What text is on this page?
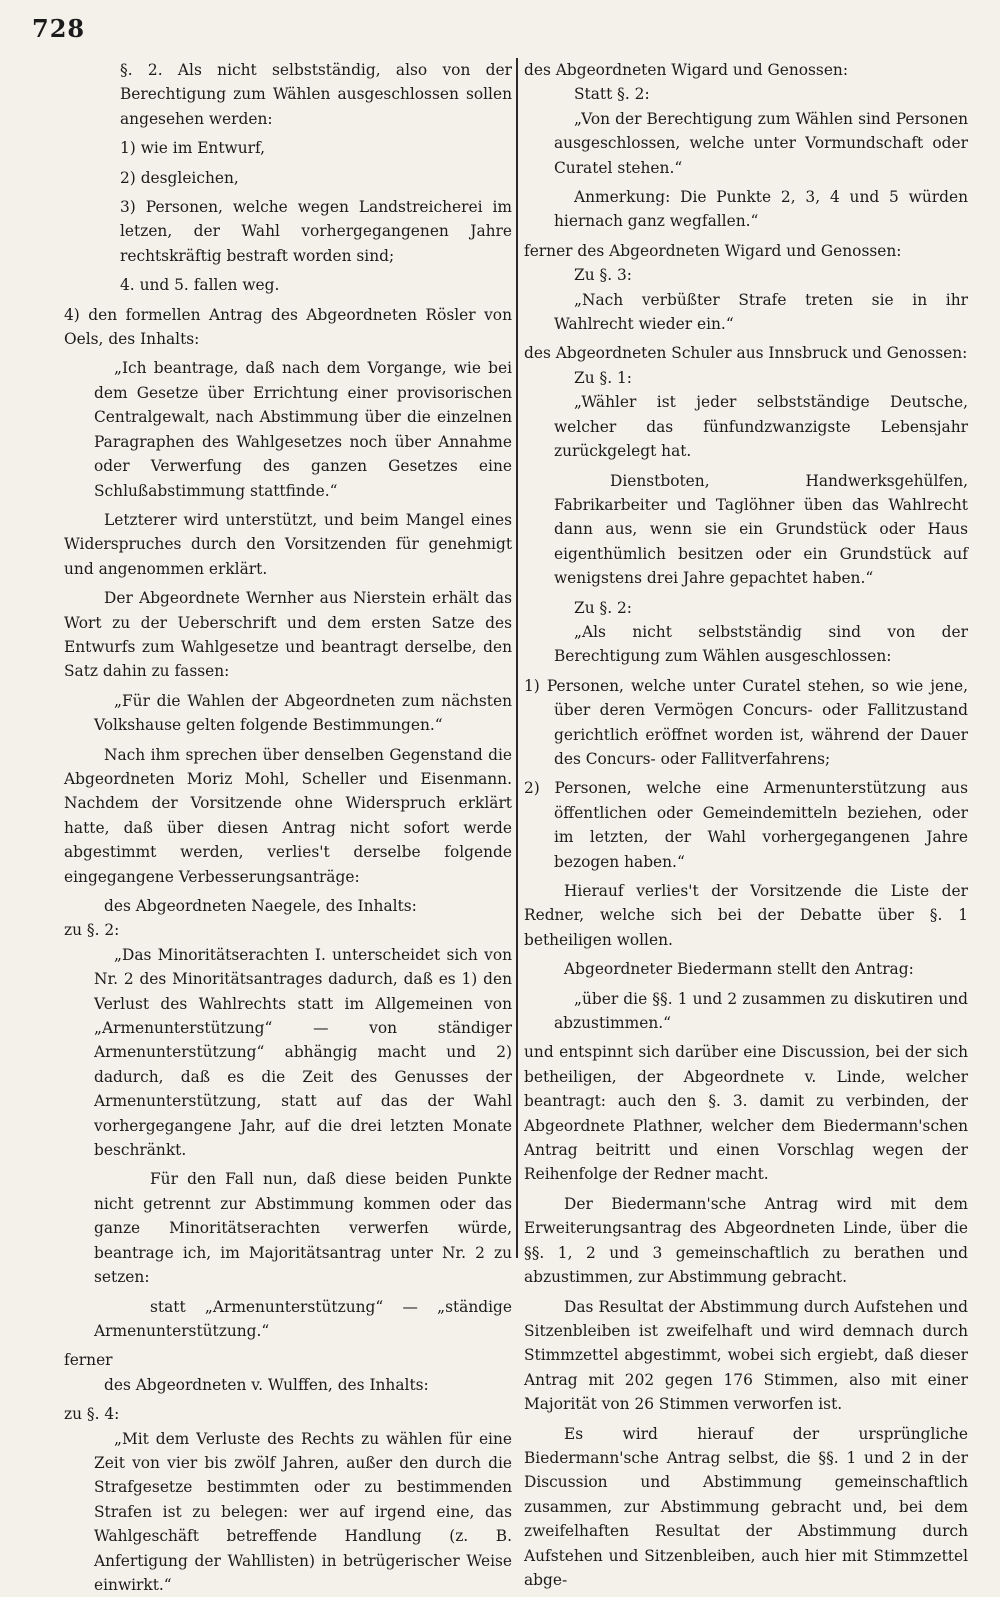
728

§. 2. Als nicht selbstständig, also von der Berechtigung zum Wählen ausgeschlossen sollen angesehen werden:

1) wie im Entwurf,

2) desgleichen,

3) Personen, welche wegen Landstreicherei im letzen, der Wahl vorhergegangenen Jahre rechtskräftig bestraft worden sind;

4. und 5. fallen weg.

4) den formellen Antrag des Abgeordneten Rösler von Oels, des Inhalts:

„Ich beantrage, daß nach dem Vorgange, wie bei dem Gesetze über Errichtung einer provisorischen Centralgewalt, nach Abstimmung über die einzelnen Paragraphen des Wahlgesetzes noch über Annahme oder Verwerfung des ganzen Gesetzes eine Schlußabstimmung stattfinde.“

Letzterer wird unterstützt, und beim Mangel eines Widerspruches durch den Vorsitzenden für genehmigt und angenommen erklärt.

Der Abgeordnete Wernher aus Nierstein erhält das Wort zu der Ueberschrift und dem ersten Satze des Entwurfs zum Wahlgesetze und beantragt derselbe, den Satz dahin zu fassen:

„Für die Wahlen der Abgeordneten zum nächsten Volkshause gelten folgende Bestimmungen.“

Nach ihm sprechen über denselben Gegenstand die Abgeordneten Moriz Mohl, Scheller und Eisenmann. Nachdem der Vorsitzende ohne Widerspruch erklärt hatte, daß über diesen Antrag nicht sofort werde abgestimmt werden, verlies't derselbe folgende eingegangene Verbesserungsanträge:

des Abgeordneten Naegele, des Inhalts:

zu §. 2:

„Das Minoritätserachten I. unterscheidet sich von Nr. 2 des Minoritätsantrages dadurch, daß es 1) den Verlust des Wahlrechts statt im Allgemeinen von „Armenunterstützung“ — von ständiger Armenunterstützung“ abhängig macht und 2) dadurch, daß es die Zeit des Genusses der Armenunterstützung, statt auf das der Wahl vorhergegangene Jahr, auf die drei letzten Monate beschränkt.

Für den Fall nun, daß diese beiden Punkte nicht getrennt zur Abstimmung kommen oder das ganze Minoritätserachten verwerfen würde, beantrage ich, im Majoritätsantrag unter Nr. 2 zu setzen:

statt „Armenunterstützung“ — „ständige Armenunterstützung.“

ferner

des Abgeordneten v. Wulffen, des Inhalts:

zu §. 4:

„Mit dem Verluste des Rechts zu wählen für eine Zeit von vier bis zwölf Jahren, außer den durch die Strafgesetze bestimmten oder zu bestimmenden Strafen ist zu belegen: wer auf irgend eine, das Wahlgeschäft betreffende Handlung (z. B. Anfertigung der Wahllisten) in betrügerischer Weise einwirkt.“

des Abgeordneten Wigard und Genossen:

Statt §. 2:

„Von der Berechtigung zum Wählen sind Personen ausgeschlossen, welche unter Vormundschaft oder Curatel stehen.“

Anmerkung: Die Punkte 2, 3, 4 und 5 würden hiernach ganz wegfallen.“

ferner des Abgeordneten Wigard und Genossen:

Zu §. 3:

„Nach verbüßter Strafe treten sie in ihr Wahlrecht wieder ein.“

des Abgeordneten Schuler aus Innsbruck und Genossen:

Zu §. 1:

„Wähler ist jeder selbstständige Deutsche, welcher das fünfundzwanzigste Lebensjahr zurückgelegt hat.

Dienstboten, Handwerksgehülfen, Fabrikarbeiter und Taglöhner üben das Wahlrecht dann aus, wenn sie ein Grundstück oder Haus eigenthümlich besitzen oder ein Grundstück auf wenigstens drei Jahre gepachtet haben.“

Zu §. 2:

„Als nicht selbstständig sind von der Berechtigung zum Wählen ausgeschlossen:

1) Personen, welche unter Curatel stehen, so wie jene, über deren Vermögen Concurs- oder Fallitzustand gerichtlich eröffnet worden ist, während der Dauer des Concurs- oder Fallitverfahrens;

2) Personen, welche eine Armenunterstützung aus öffentlichen oder Gemeindemitteln beziehen, oder im letzten, der Wahl vorhergegangenen Jahre bezogen haben.“

Hierauf verlies't der Vorsitzende die Liste der Redner, welche sich bei der Debatte über §. 1 betheiligen wollen.

Abgeordneter Biedermann stellt den Antrag:

„über die §§. 1 und 2 zusammen zu diskutiren und abzustimmen.“

und entspinnt sich darüber eine Discussion, bei der sich betheiligen, der Abgeordnete v. Linde, welcher beantragt: auch den §. 3. damit zu verbinden, der Abgeordnete Plathner, welcher dem Biedermann'schen Antrag beitritt und einen Vorschlag wegen der Reihenfolge der Redner macht.

Der Biedermann'sche Antrag wird mit dem Erweiterungsantrag des Abgeordneten Linde, über die §§. 1, 2 und 3 gemeinschaftlich zu berathen und abzustimmen, zur Abstimmung gebracht.

Das Resultat der Abstimmung durch Aufstehen und Sitzenbleiben ist zweifelhaft und wird demnach durch Stimmzettel abgestimmt, wobei sich ergiebt, daß dieser Antrag mit 202 gegen 176 Stimmen, also mit einer Majorität von 26 Stimmen verworfen ist.

Es wird hierauf der ursprüngliche Biedermann'sche Antrag selbst, die §§. 1 und 2 in der Discussion und Abstimmung gemeinschaftlich zusammen, zur Abstimmung gebracht und, bei dem zweifelhaften Resultat der Abstimmung durch Aufstehen und Sitzenbleiben, auch hier mit Stimmzettel abge-
